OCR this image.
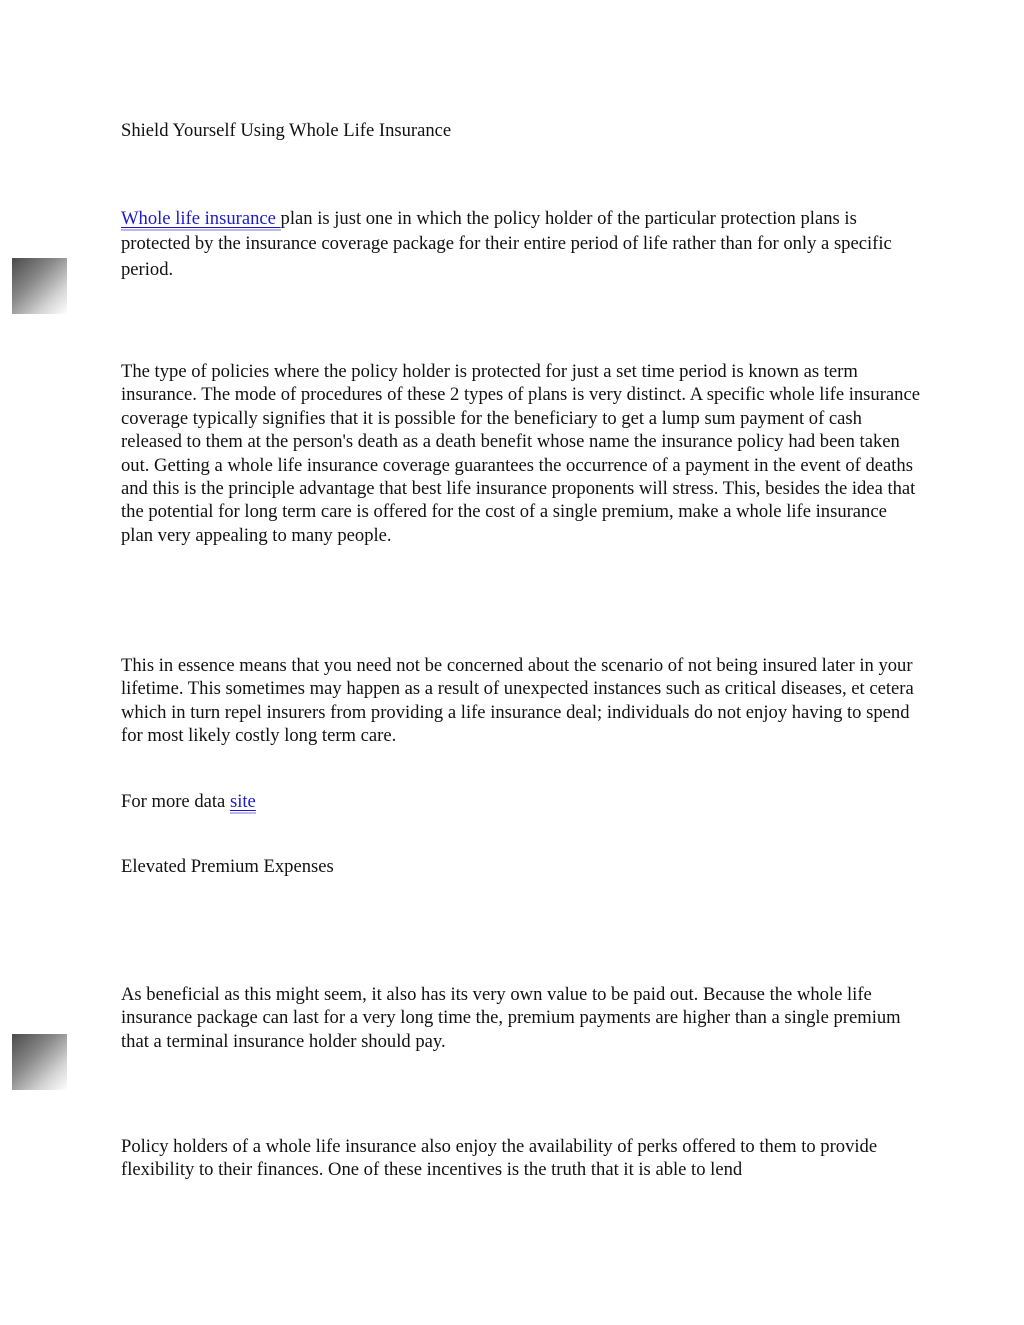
Shield Yourself Using Whole Life Insurance

Whole life insurance plan is just one in which the policy holder of the particular protection plans is protected by the insurance coverage package for their entire period of life rather than for only a specific period.

The type of policies where the policy holder is protected for just a set time period is known as term insurance. The mode of procedures of these 2 types of plans is very distinct. A specific whole life insurance coverage typically signifies that it is possible for the beneficiary to get a lump sum payment of cash released to them at the person's death as a death benefit whose name the insurance policy had been taken out. Getting a whole life insurance coverage guarantees the occurrence of a payment in the event of deaths and this is the principle advantage that best life insurance proponents will stress. This, besides the idea that the potential for long term care is offered for the cost of a single premium, make a whole life insurance plan very appealing to many people.

This in essence means that you need not be concerned about the scenario of not being insured later in your lifetime. This sometimes may happen as a result of unexpected instances such as critical diseases, et cetera which in turn repel insurers from providing a life insurance deal; individuals do not enjoy having to spend for most likely costly long term care.

For more data site

Elevated Premium Expenses

As beneficial as this might seem, it also has its very own value to be paid out. Because the whole life insurance package can last for a very long time the, premium payments are higher than a single premium that a terminal insurance holder should pay.

Policy holders of a whole life insurance also enjoy the availability of perks offered to them to provide flexibility to their finances. One of these incentives is the truth that it is able to lend
